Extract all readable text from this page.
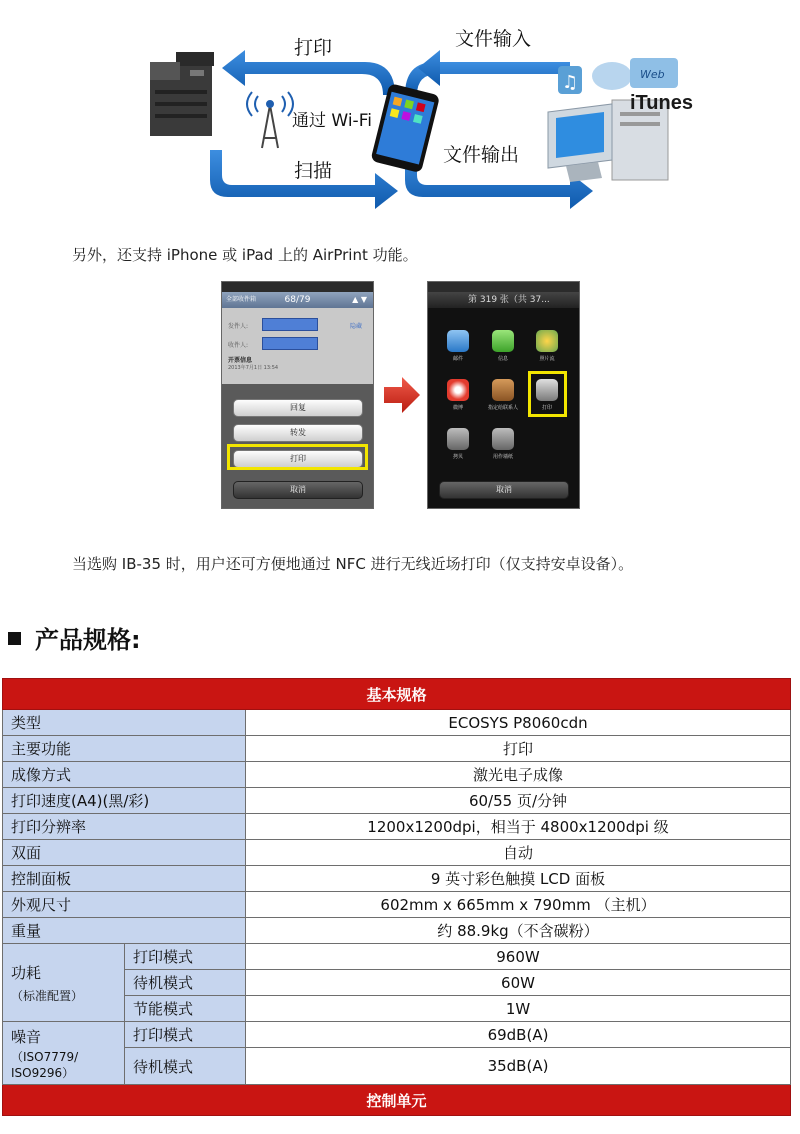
♫
打印	文件输入
通过 Wi-Fi
扫描
文件输出
Web
iTunes
另外，还支持 iPhone 或 iPad 上的 AirPrint 功能。
全部收件箱	68/79	▲ ▼
发件人:	隐藏
收件人:
开票信息
2013年7月1日 13:54
回复
转发
打印
取消
第 319 张（共 37...
邮件	信息	照片流
微博	指定给联系人	打印
拷贝	用作墙纸
取消
当选购 IB-35 时，用户还可方便地通过 NFC 进行无线近场打印（仅支持安卓设备）。
产品规格:
基本规格		
类型		ECOSYS P8060cdn
主要功能		打印
成像方式		激光电子成像
打印速度(A4)(黑/彩)		60/55 页/分钟
打印分辨率		1200x1200dpi，相当于 4800x1200dpi 级
双面		自动
控制面板		9 英寸彩色触摸 LCD 面板
外观尺寸		602mm x 665mm x 790mm （主机）
重量		约 88.9kg（不含碳粉）
功耗
（标准配置）	打印模式	960W
	待机模式	60W
	节能模式	1W
噪音
（ISO7779/ ISO9296）	打印模式	69dB(A)
	待机模式	35dB(A)
控制单元		
